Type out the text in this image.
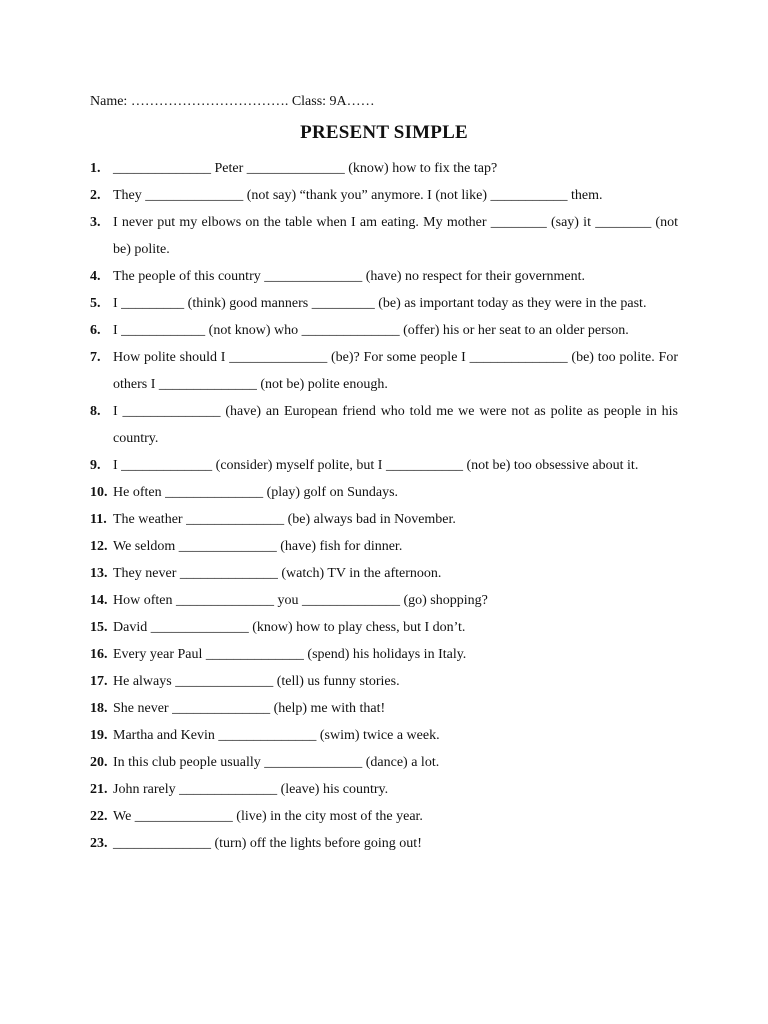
Name: ……………………………. Class: 9A……
PRESENT SIMPLE
1. ______________ Peter ______________ (know) how to fix the tap?
2. They ______________ (not say) “thank you” anymore. I (not like) ___________ them.
3. I never put my elbows on the table when I am eating. My mother ________ (say) it ________ (not be) polite.
4. The people of this country ______________ (have) no respect for their government.
5. I _________ (think) good manners _________ (be) as important today as they were in the past.
6. I ____________ (not know) who ______________ (offer) his or her seat to an older person.
7. How polite should I ______________ (be)? For some people I ______________ (be) too polite. For others I ______________ (not be) polite enough.
8. I ______________ (have) an European friend who told me we were not as polite as people in his country.
9. I _____________ (consider) myself polite, but I ___________ (not be) too obsessive about it.
10. He often ______________ (play) golf on Sundays.
11. The weather ______________ (be) always bad in November.
12. We seldom ______________ (have) fish for dinner.
13. They never ______________ (watch) TV in the afternoon.
14. How often ______________ you ______________ (go) shopping?
15. David ______________ (know) how to play chess, but I don’t.
16. Every year Paul ______________ (spend) his holidays in Italy.
17. He always ______________ (tell) us funny stories.
18. She never ______________ (help) me with that!
19. Martha and Kevin ______________ (swim) twice a week.
20. In this club people usually ______________ (dance) a lot.
21. John rarely ______________ (leave) his country.
22. We ______________ (live) in the city most of the year.
23. ______________ (turn) off the lights before going out!
